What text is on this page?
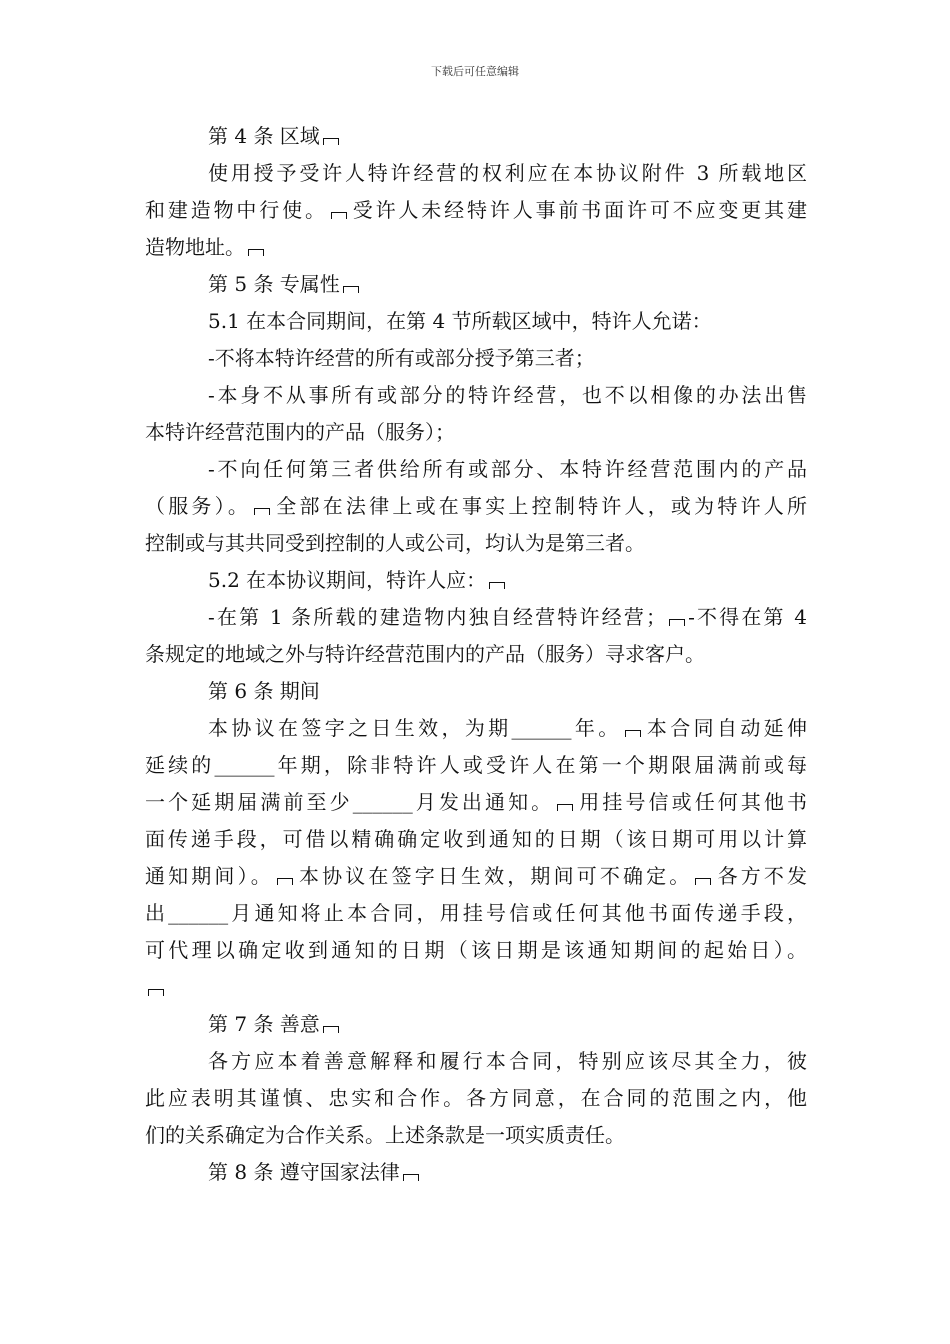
下载后可任意编辑
第 4 条 区域
使用授予受许人特许经营的权利应在本协议附件 3 所载地区
和建造物中行使。 受许人未经特许人事前书面许可不应变更其建
造物地址。
第 5 条 专属性
5.1 在本合同期间，在第 4 节所载区域中，特许人允诺：
-不将本特许经营的所有或部分授予第三者；
-本身不从事所有或部分的特许经营，也不以相像的办法出售
本特许经营范围内的产品（服务）；
-不向任何第三者供给所有或部分、本特许经营范围内的产品
（服务）。 全部在法律上或在事实上控制特许人，或为特许人所
控制或与其共同受到控制的人或公司，均认为是第三者。
5.2 在本协议期间，特许人应：
-在第 1 条所载的建造物内独自经营特许经营； -不得在第 4
条规定的地域之外与特许经营范围内的产品（服务）寻求客户。
第 6 条 期间
本协议在签字之日生效，为期______年。 本合同自动延伸
延续的______年期，除非特许人或受许人在第一个期限届满前或每
一个延期届满前至少______月发出通知。 用挂号信或任何其他书
面传递手段，可借以精确确定收到通知的日期（该日期可用以计算
通知期间）。 本协议在签字日生效，期间可不确定。 各方不发
出______月通知将止本合同，用挂号信或任何其他书面传递手段，
可代理以确定收到通知的日期（该日期是该通知期间的起始日）。
第 7 条 善意
各方应本着善意解释和履行本合同，特别应该尽其全力，彼
此应表明其谨慎、忠实和合作。各方同意，在合同的范围之内，他
们的关系确定为合作关系。上述条款是一项实质责任。
第 8 条 遵守国家法律
